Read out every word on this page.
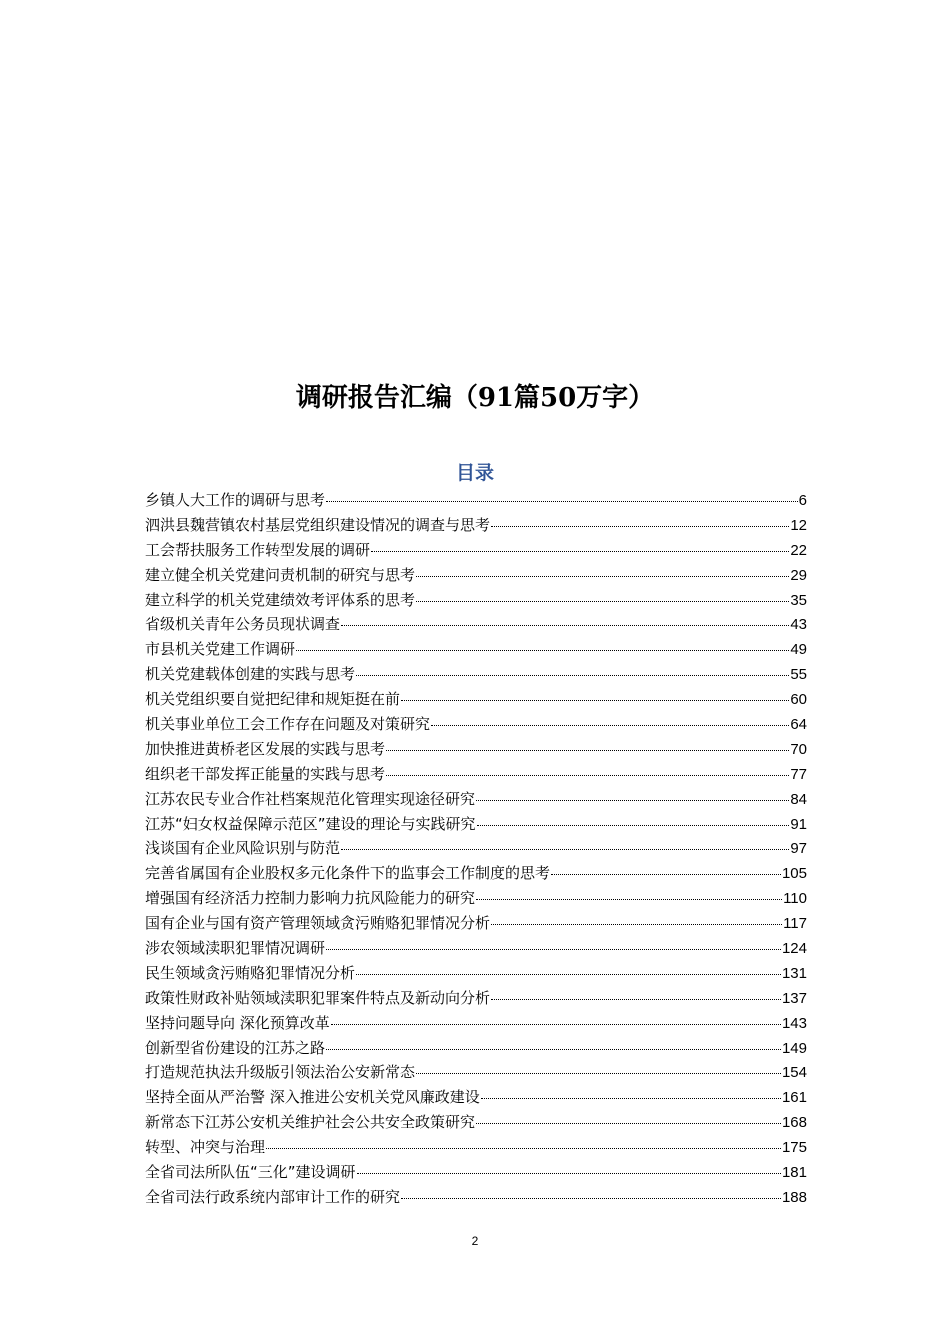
调研报告汇编（91篇50万字）
目录
乡镇人大工作的调研与思考	6
泗洪县魏营镇农村基层党组织建设情况的调查与思考	12
工会帮扶服务工作转型发展的调研	22
建立健全机关党建问责机制的研究与思考	29
建立科学的机关党建绩效考评体系的思考	35
省级机关青年公务员现状调查	43
市县机关党建工作调研	49
机关党建载体创建的实践与思考	55
机关党组织要自觉把纪律和规矩挺在前	60
机关事业单位工会工作存在问题及对策研究	64
加快推进黄桥老区发展的实践与思考	70
组织老干部发挥正能量的实践与思考	77
江苏农民专业合作社档案规范化管理实现途径研究	84
江苏“妇女权益保障示范区”建设的理论与实践研究	91
浅谈国有企业风险识别与防范	97
完善省属国有企业股权多元化条件下的监事会工作制度的思考	105
增强国有经济活力控制力影响力抗风险能力的研究	110
国有企业与国有资产管理领域贪污贿赂犯罪情况分析	117
涉农领域渎职犯罪情况调研	124
民生领域贪污贿赂犯罪情况分析	131
政策性财政补贴领域渎职犯罪案件特点及新动向分析	137
坚持问题导向 深化预算改革	143
创新型省份建设的江苏之路	149
打造规范执法升级版引领法治公安新常态	154
坚持全面从严治警 深入推进公安机关党风廉政建设	161
新常态下江苏公安机关维护社会公共安全政策研究	168
转型、冲突与治理	175
全省司法所队伍“三化”建设调研	181
全省司法行政系统内部审计工作的研究	188
2
